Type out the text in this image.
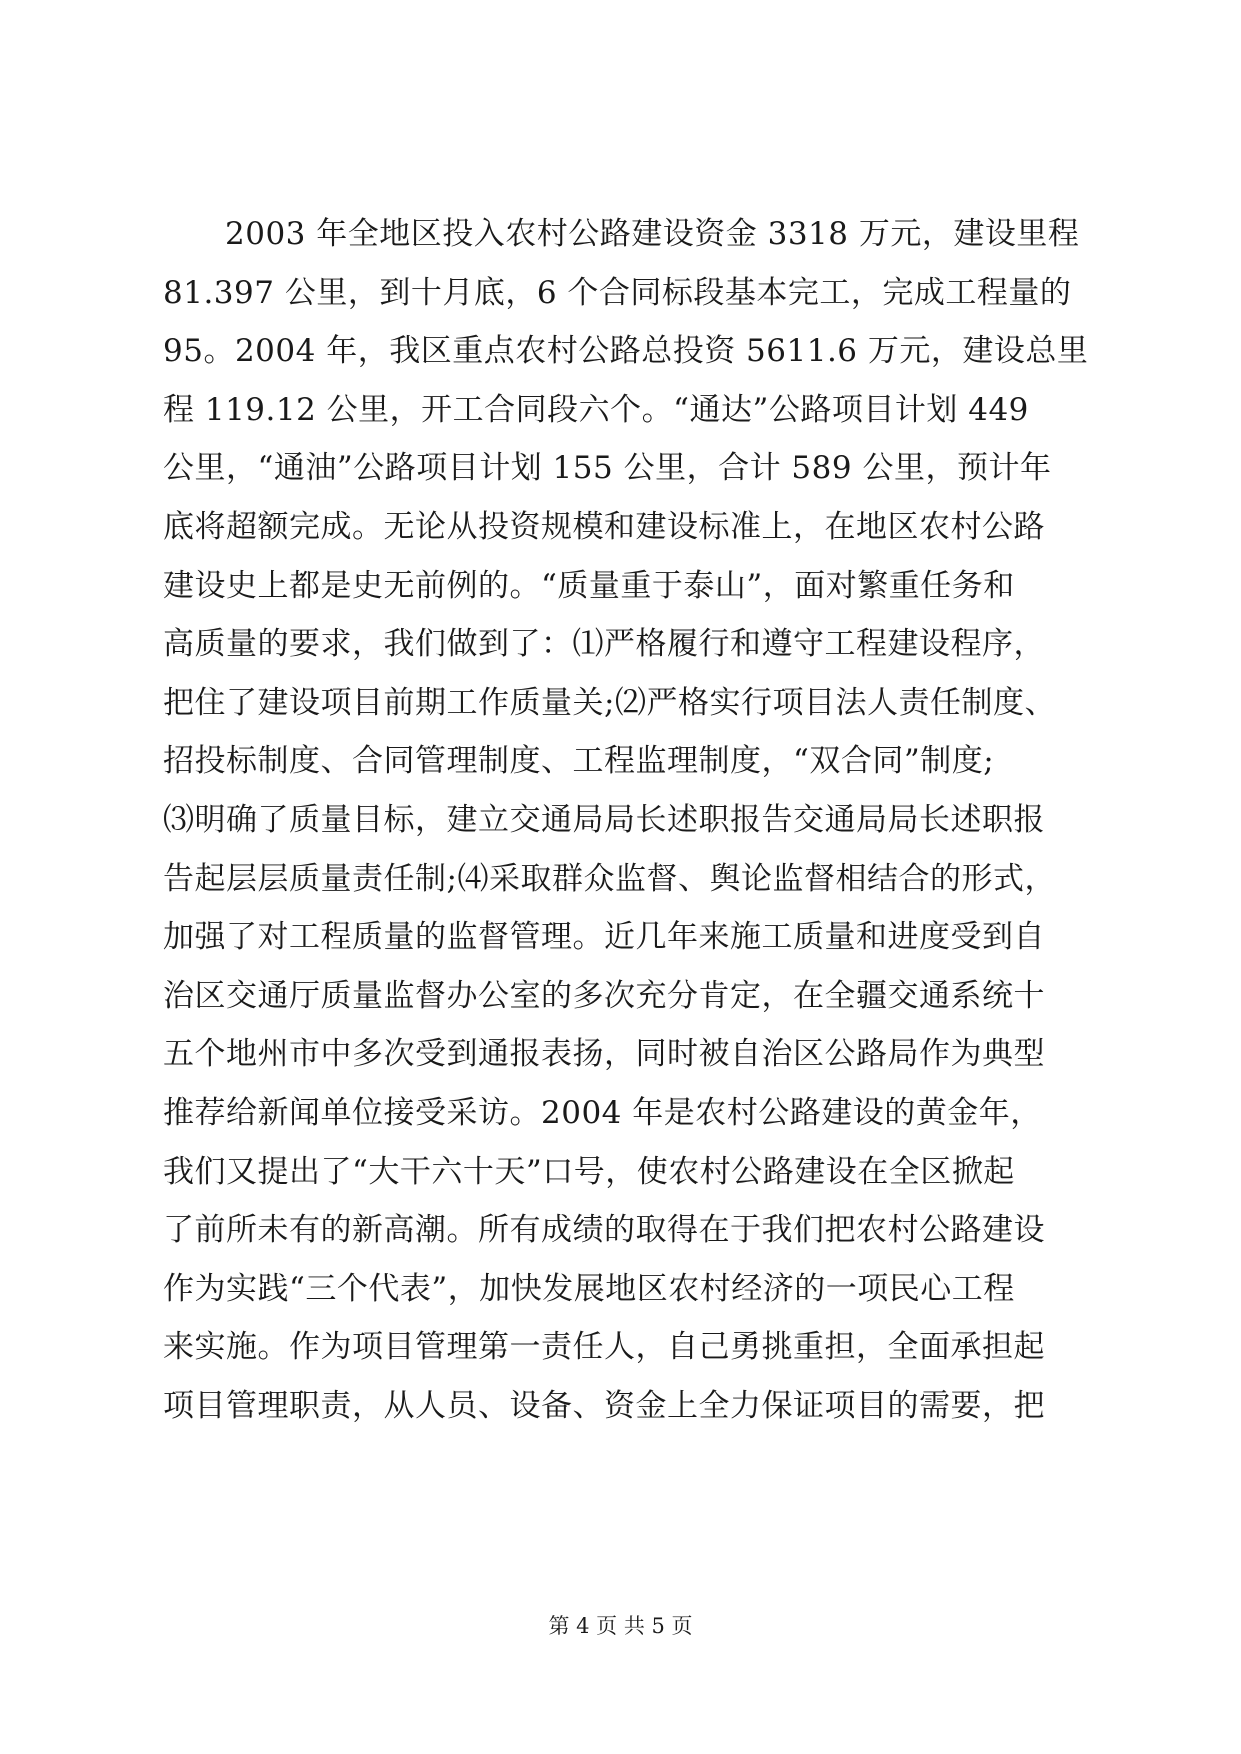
2003 年全地区投入农村公路建设资金 3318 万元，建设里程
81.397 公里，到十月底，6 个合同标段基本完工，完成工程量的
95。2004 年，我区重点农村公路总投资 5611.6 万元，建设总里
程 119.12 公里，开工合同段六个。“通达”公路项目计划 449
公里，“通油”公路项目计划 155 公里，合计 589 公里，预计年
底将超额完成。无论从投资规模和建设标准上，在地区农村公路
建设史上都是史无前例的。“质量重于泰山”，面对繁重任务和
高质量的要求，我们做到了：⑴严格履行和遵守工程建设程序，
把住了建设项目前期工作质量关;⑵严格实行项目法人责任制度、
招投标制度、合同管理制度、工程监理制度，“双合同”制度;
⑶明确了质量目标，建立交通局局长述职报告交通局局长述职报
告起层层质量责任制;⑷采取群众监督、舆论监督相结合的形式，
加强了对工程质量的监督管理。近几年来施工质量和进度受到自
治区交通厅质量监督办公室的多次充分肯定，在全疆交通系统十
五个地州市中多次受到通报表扬，同时被自治区公路局作为典型
推荐给新闻单位接受采访。2004 年是农村公路建设的黄金年，
我们又提出了“大干六十天”口号，使农村公路建设在全区掀起
了前所未有的新高潮。所有成绩的取得在于我们把农村公路建设
作为实践“三个代表”，加快发展地区农村经济的一项民心工程
来实施。作为项目管理第一责任人，自己勇挑重担，全面承担起
项目管理职责，从人员、设备、资金上全力保证项目的需要，把
第 4 页 共 5 页
